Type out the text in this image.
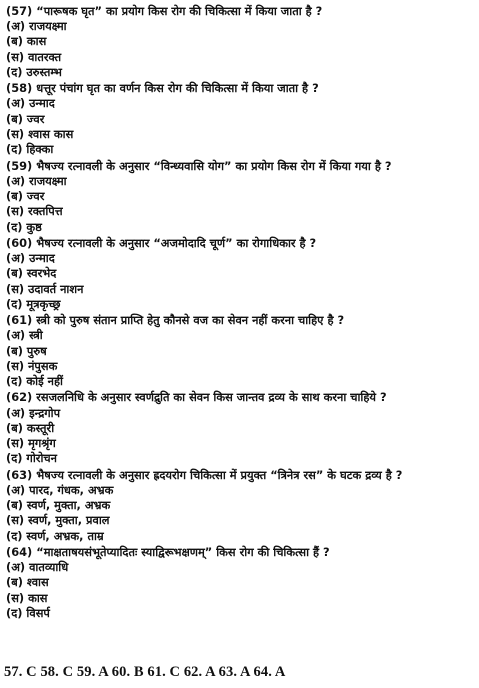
(57) “पारूषक घृत” का प्रयोग किस रोग की चिकित्सा में किया जाता है ?
(अ) राजयक्ष्मा
(ब) कास
(स) वातरक्त
(द) उरुस्तम्भ
(58) धत्तूर पंचांग घृत का वर्णन किस रोग की चिकित्सा में किया जाता है ?
(अ) उन्माद
(ब) ज्वर
(स) श्वास कास
(द) हिक्का
(59) भैषज्य रत्नावली के अनुसार “विन्ध्यवासि योग” का प्रयोग किस रोग में किया गया है ?
(अ) राजयक्ष्मा
(ब) ज्वर
(स) रक्तपित्त
(द) कुष्ठ
(60) भैषज्य रत्नावली के अनुसार “अजमोदादि चूर्ण” का रोगाधिकार है ?
(अ) उन्माद
(ब) स्वरभेद
(स) उदावर्त नाशन
(द) मूत्रकृच्छ्र
(61) स्त्री को पुरुष संतान प्राप्ति हेतु कौनसे वज का सेवन नहीं करना चाहिए है ?
(अ) स्त्री
(ब) पुरुष
(स) नंपुसक
(द) कोई नहीं
(62) रसजलनिधि के अनुसार स्वर्णद्रुति का सेवन किस जान्तव द्रव्य के साथ करना चाहिये ?
(अ) इन्द्रगोप
(ब) कस्तूरी
(स) मृगश्रृंग
(द) गोरोचन
(63) भैषज्य रत्नावली के अनुसार ह्रदयरोग चिकित्सा में प्रयुक्त “त्रिनेत्र रस” के घटक द्रव्य है ?
(अ) पारद, गंधक, अभ्रक
(ब) स्वर्ण, मुक्ता, अभ्रक
(स) स्वर्ण, मुक्ता, प्रवाल
(द) स्वर्ण, अभ्रक, ताम्र
(64) “माक्षताषयसंभूतेप्यादितः स्याद्विरूभक्षणम्” किस रोग की चिकित्सा हैं ?
(अ) वातव्याधि
(ब) श्वास
(स) कास
(द) विसर्प
57. C 58. C 59. A 60. B 61. C 62. A 63. A 64. A
